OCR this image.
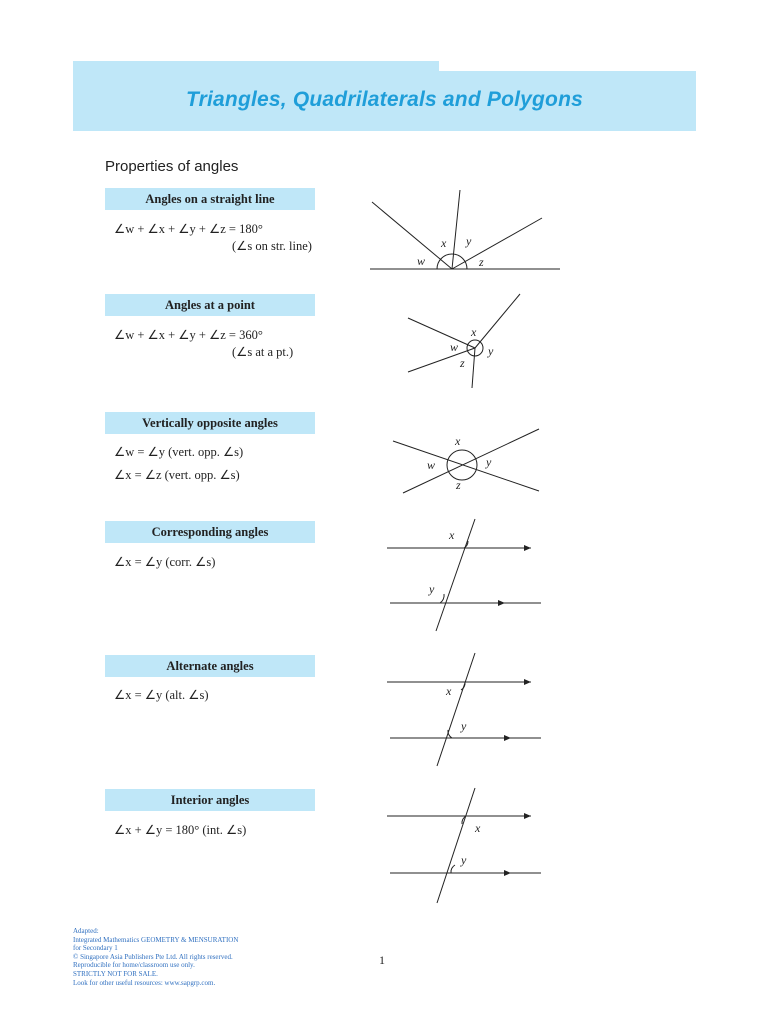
Triangles, Quadrilaterals and Polygons
Properties of angles
Angles on a straight line
∠w + ∠x + ∠y + ∠z = 180°
(∠s on str. line)
Angles at a point
∠w + ∠x + ∠y + ∠z = 360°
(∠s at a pt.)
Vertically opposite angles
∠w = ∠y (vert. opp. ∠s)
∠x = ∠z (vert. opp. ∠s)
Corresponding angles
∠x = ∠y (corr. ∠s)
Alternate angles
∠x = ∠y (alt. ∠s)
Interior angles
∠x + ∠y = 180° (int. ∠s)
w
x y
z
x
w y
z
x
w	y
z
x
y
x
y
x
y
Adapted:
Integrated Mathematics GEOMETRY & MENSURATION
for Secondary 1
© Singapore Asia Publishers Pte Ltd. All rights reserved.
Reproducible for home/classroom use only.
STRICTLY NOT FOR SALE.
Look for other useful resources: www.sapgrp.com.
1
